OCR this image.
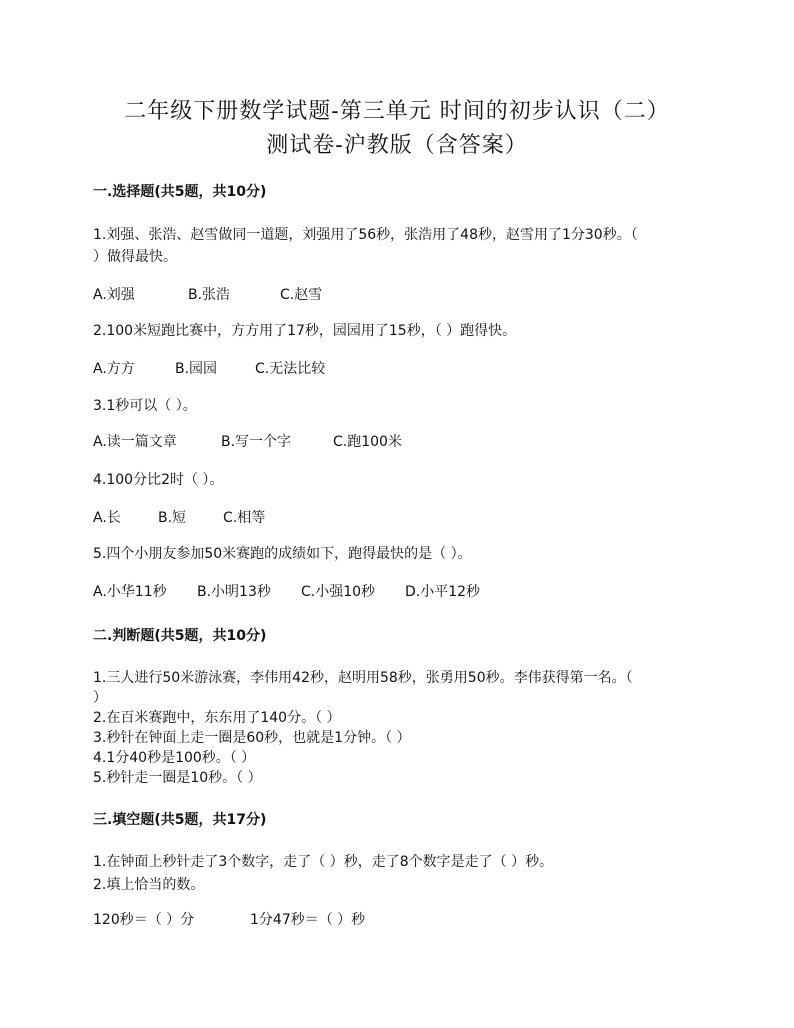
二年级下册数学试题-第三单元 时间的初步认识（二）
测试卷-沪教版（含答案）
一.选择题(共5题，共10分)
1.刘强、张浩、赵雪做同一道题，刘强用了56秒，张浩用了48秒，赵雪用了1分30秒。（
）做得最快。
A.刘强	B.张浩	C.赵雪
2.100米短跑比赛中，方方用了17秒，园园用了15秒，（ ）跑得快。
A.方方	B.园园	C.无法比较
3.1秒可以（ ）。
A.读一篇文章	B.写一个字	C.跑100米
4.100分比2时（ ）。
A.长	B.短	C.相等
5.四个小朋友参加50米赛跑的成绩如下，跑得最快的是（ ）。
A.小华11秒 B.小明13秒 C.小强10秒 D.小平12秒
二.判断题(共5题，共10分)
1.三人进行50米游泳赛，李伟用42秒，赵明用58秒，张勇用50秒。李伟获得第一名。（
）
2.在百米赛跑中，东东用了140分。（ ）
3.秒针在钟面上走一圈是60秒，也就是1分钟。（ ）
4.1分40秒是100秒。（ ）
5.秒针走一圈是10秒。（ ）
三.填空题(共5题，共17分)
1.在钟面上秒针走了3个数字，走了（ ）秒，走了8个数字是走了（ ）秒。
2.填上恰当的数。
120秒＝（ ）分	1分47秒＝（ ）秒
